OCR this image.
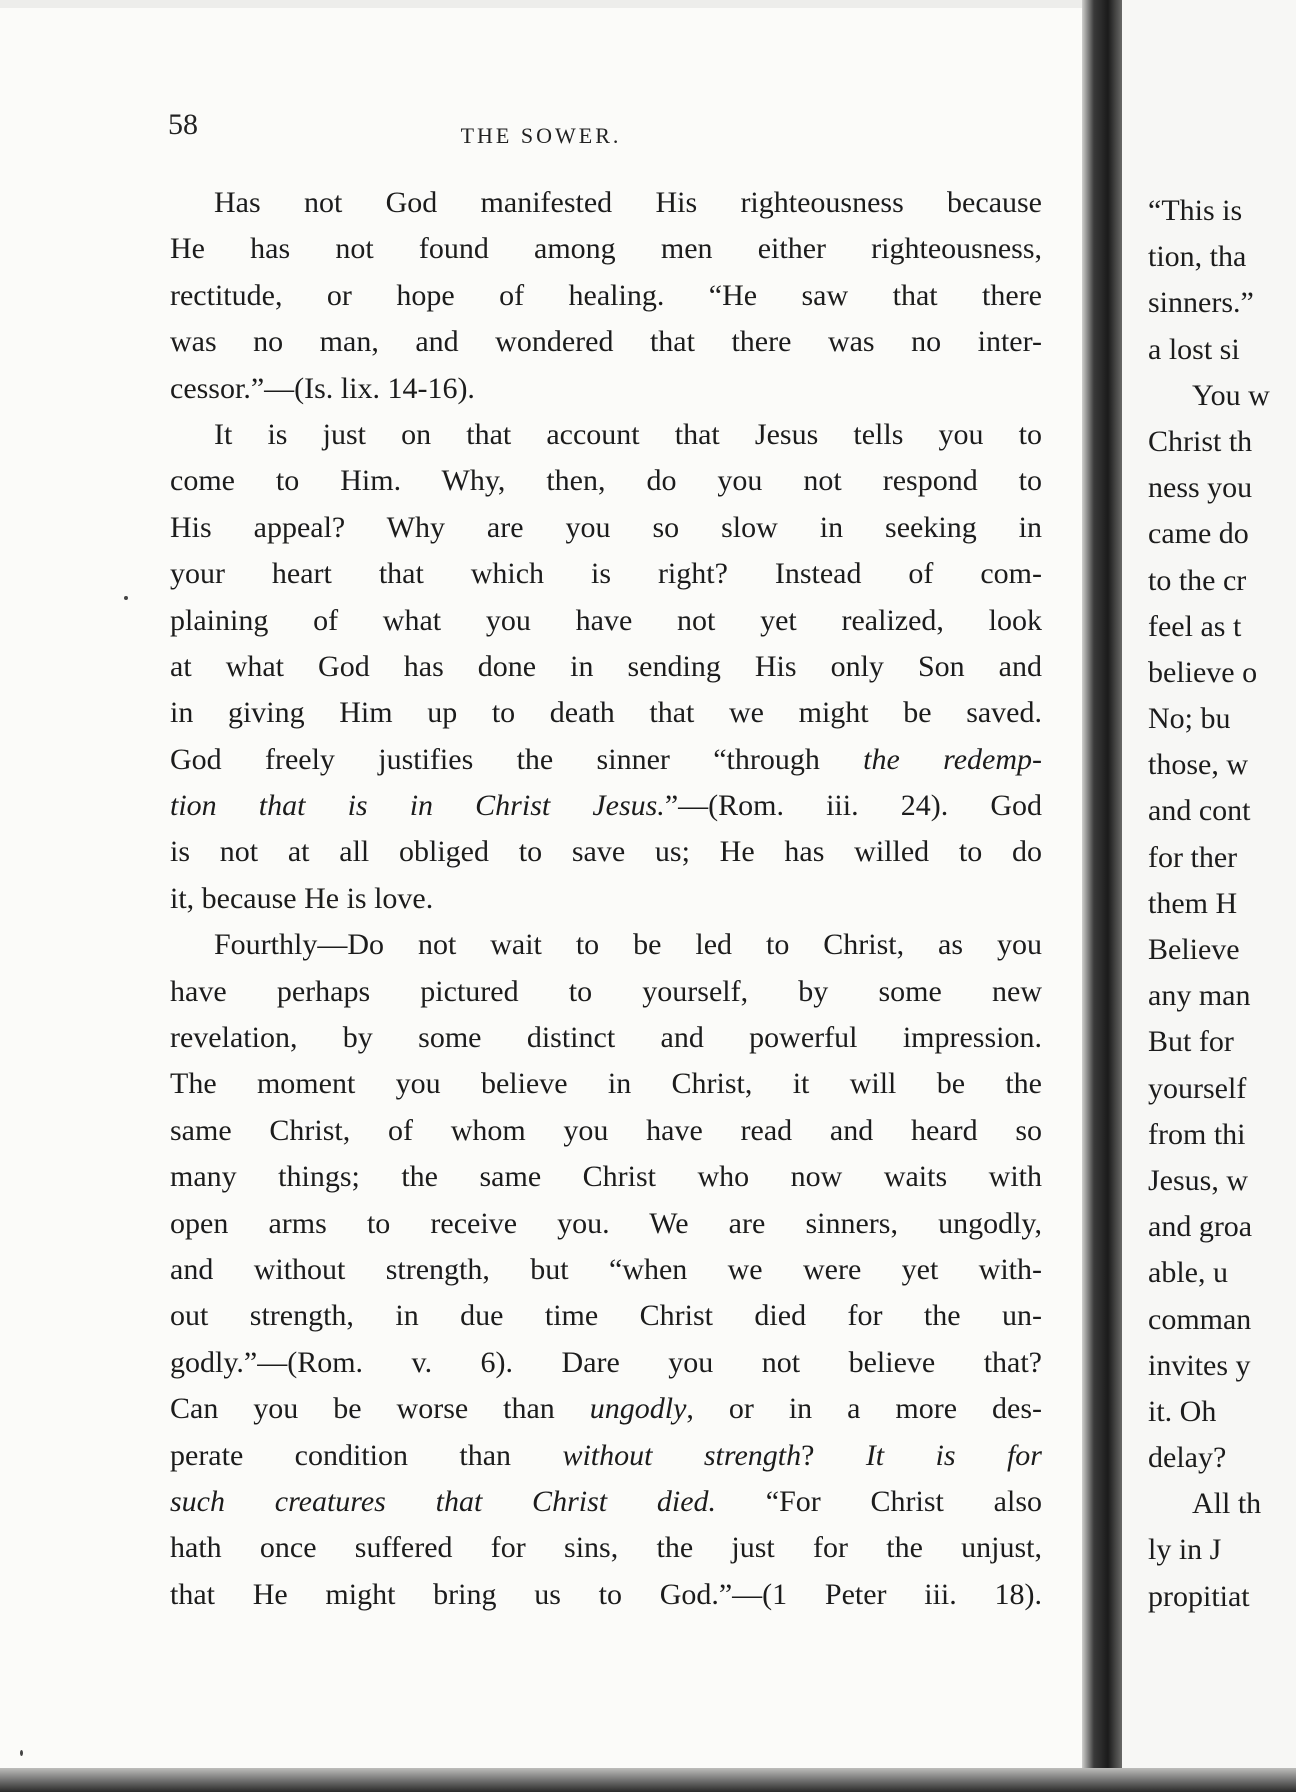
58	THE SOWER.
Has not God manifested His righteousness because
He has not found among men either righteousness,
rectitude, or hope of healing. “He saw that there
was no man, and wondered that there was no inter-
cessor.”—(Is. lix. 14-16).
It is just on that account that Jesus tells you to
come to Him. Why, then, do you not respond to
His appeal? Why are you so slow in seeking in
your heart that which is right? Instead of com-
plaining of what you have not yet realized, look
at what God has done in sending His only Son and
in giving Him up to death that we might be saved.
God freely justifies the sinner “through the redemp-
tion that is in Christ Jesus.”—(Rom. iii. 24). God
is not at all obliged to save us; He has willed to do
it, because He is love.
Fourthly—Do not wait to be led to Christ, as you
have perhaps pictured to yourself, by some new
revelation, by some distinct and powerful impression.
The moment you believe in Christ, it will be the
same Christ, of whom you have read and heard so
many things; the same Christ who now waits with
open arms to receive you. We are sinners, ungodly,
and without strength, but “when we were yet with-
out strength, in due time Christ died for the un-
godly.”—(Rom. v. 6). Dare you not believe that?
Can you be worse than ungodly, or in a more des-
perate condition than without strength? It is for
such creatures that Christ died. “For Christ also
hath once suffered for sins, the just for the unjust,
that He might bring us to God.”—(1 Peter iii. 18).
“This is
tion, tha
sinners.”
a lost si
You w
Christ th
ness you
came do
to the cr
feel as t
believe o
No; bu
those, w
and cont
for ther
them H
Believe
any man
But for
yourself
from thi
Jesus, w
and groa
able, u
comman
invites y
it. Oh
delay?
All th
ly in J
propitiat
